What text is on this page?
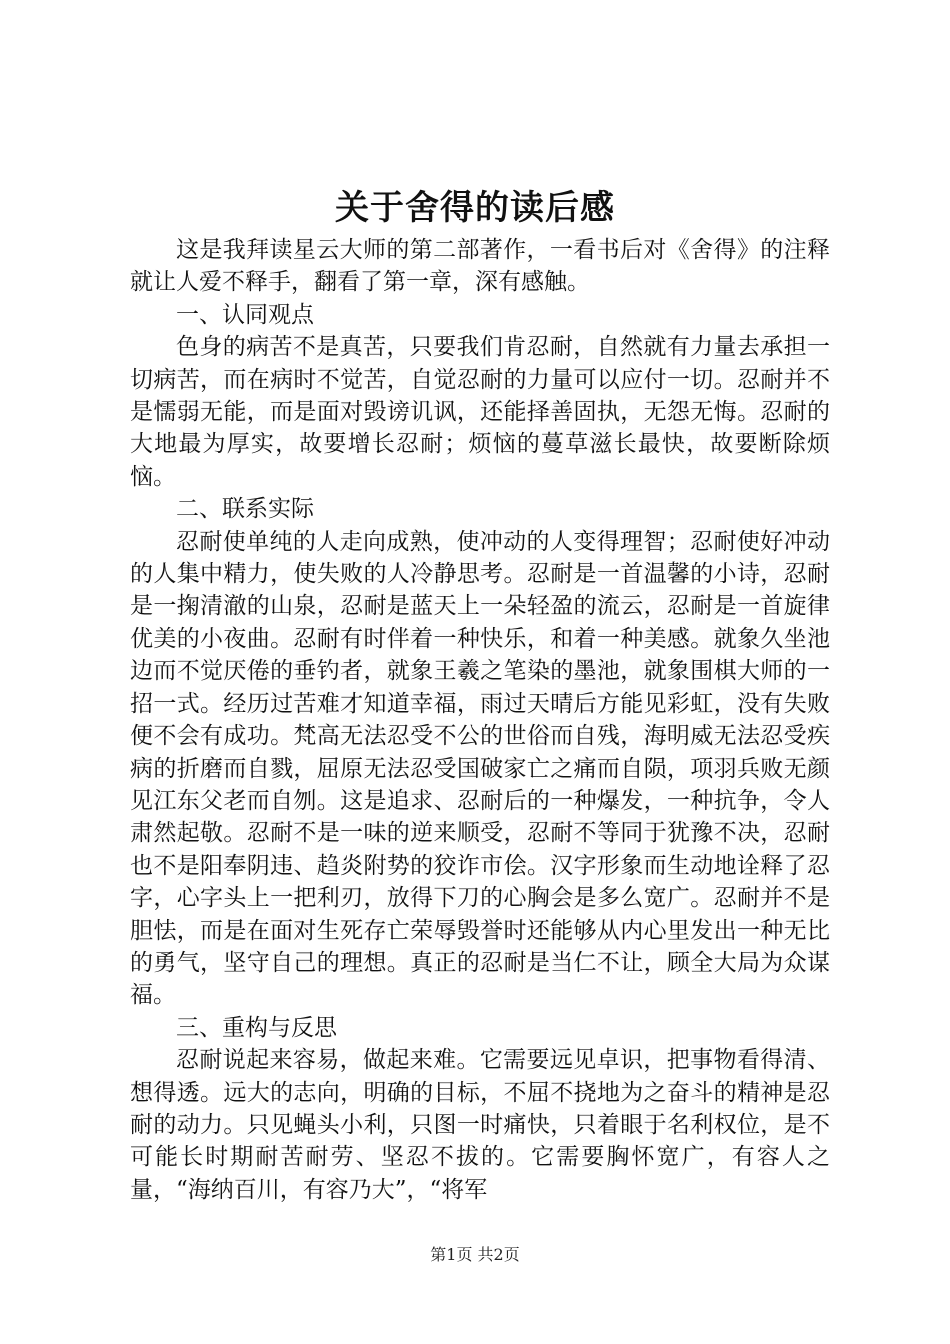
关于舍得的读后感

这是我拜读星云大师的第二部著作，一看书后对《舍得》的注释就让人爱不释手，翻看了第一章，深有感触。

一、认同观点

色身的病苦不是真苦，只要我们肯忍耐，自然就有力量去承担一切病苦，而在病时不觉苦，自觉忍耐的力量可以应付一切。忍耐并不是懦弱无能，而是面对毁谤讥讽，还能择善固执，无怨无悔。忍耐的大地最为厚实，故要增长忍耐；烦恼的蔓草滋长最快，故要断除烦恼。

二、联系实际

忍耐使单纯的人走向成熟，使冲动的人变得理智；忍耐使好冲动的人集中精力，使失败的人冷静思考。忍耐是一首温馨的小诗，忍耐是一掬清澈的山泉，忍耐是蓝天上一朵轻盈的流云，忍耐是一首旋律优美的小夜曲。忍耐有时伴着一种快乐，和着一种美感。就象久坐池边而不觉厌倦的垂钓者，就象王羲之笔染的墨池，就象围棋大师的一招一式。经历过苦难才知道幸福，雨过天晴后方能见彩虹，没有失败便不会有成功。梵高无法忍受不公的世俗而自残，海明威无法忍受疾病的折磨而自戮，屈原无法忍受国破家亡之痛而自陨，项羽兵败无颜见江东父老而自刎。这是追求、忍耐后的一种爆发，一种抗争，令人肃然起敬。忍耐不是一味的逆来顺受，忍耐不等同于犹豫不决，忍耐也不是阳奉阴违、趋炎附势的狡诈市侩。汉字形象而生动地诠释了忍字，心字头上一把利刃，放得下刀的心胸会是多么宽广。忍耐并不是胆怯，而是在面对生死存亡荣辱毁誉时还能够从内心里发出一种无比的勇气，坚守自己的理想。真正的忍耐是当仁不让，顾全大局为众谋福。

三、重构与反思

忍耐说起来容易，做起来难。它需要远见卓识，把事物看得清、想得透。远大的志向，明确的目标，不屈不挠地为之奋斗的精神是忍耐的动力。只见蝇头小利，只图一时痛快，只着眼于名利权位，是不可能长时期耐苦耐劳、坚忍不拔的。它需要胸怀宽广，有容人之量，“海纳百川，有容乃大”，“将军

第1页 共2页
